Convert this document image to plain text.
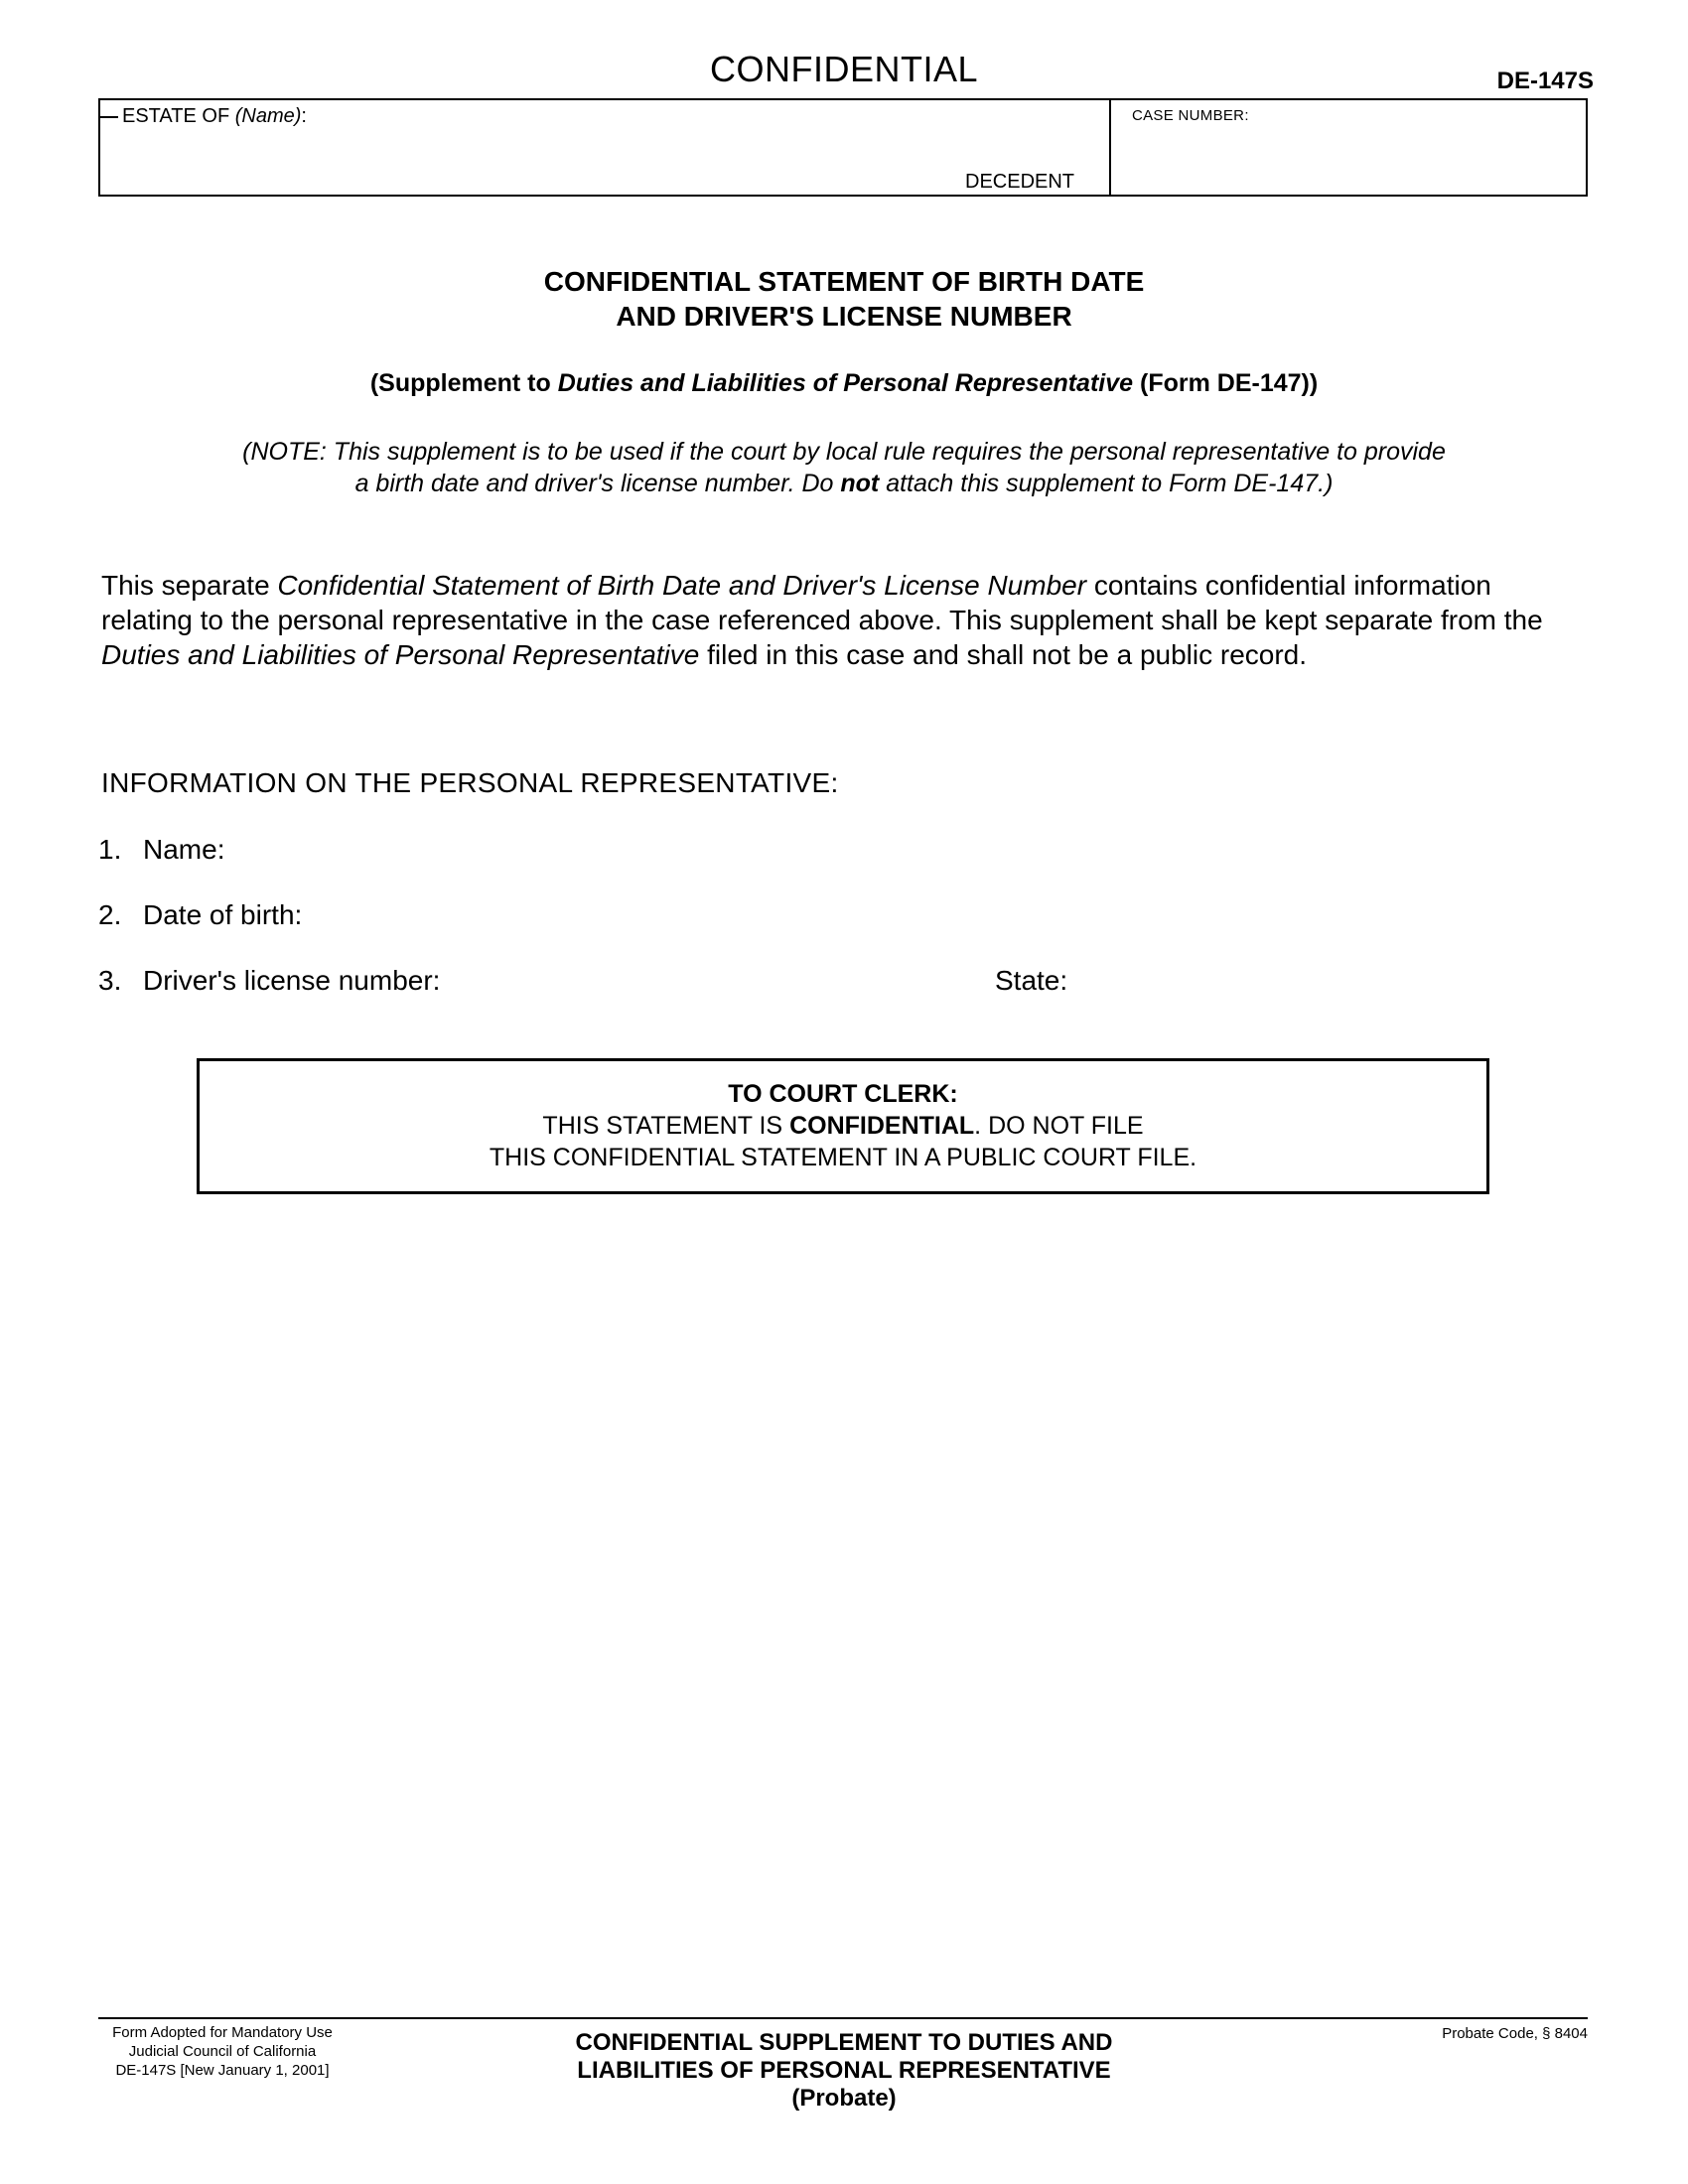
CONFIDENTIAL	DE-147S
ESTATE OF (Name):
DECEDENT
CASE NUMBER:
CONFIDENTIAL STATEMENT OF BIRTH DATE
AND DRIVER'S LICENSE NUMBER
(Supplement to Duties and Liabilities of Personal Representative (Form DE-147))
(NOTE: This supplement is to be used if the court by local rule requires the personal representative to provide
a birth date and driver's license number. Do not attach this supplement to Form DE-147.)
This separate Confidential Statement of Birth Date and Driver's License Number contains confidential information relating to the personal representative in the case referenced above. This supplement shall be kept separate from the Duties and Liabilities of Personal Representative filed in this case and shall not be a public record.
INFORMATION ON THE PERSONAL REPRESENTATIVE:
1. Name:
2. Date of birth:
3. Driver's license number:	State:
TO COURT CLERK:
THIS STATEMENT IS CONFIDENTIAL. DO NOT FILE
THIS CONFIDENTIAL STATEMENT IN A PUBLIC COURT FILE.
Form Adopted for Mandatory Use
Judicial Council of California
DE-147S [New January 1, 2001]
CONFIDENTIAL SUPPLEMENT TO DUTIES AND
LIABILITIES OF PERSONAL REPRESENTATIVE
(Probate)
Probate Code, § 8404
